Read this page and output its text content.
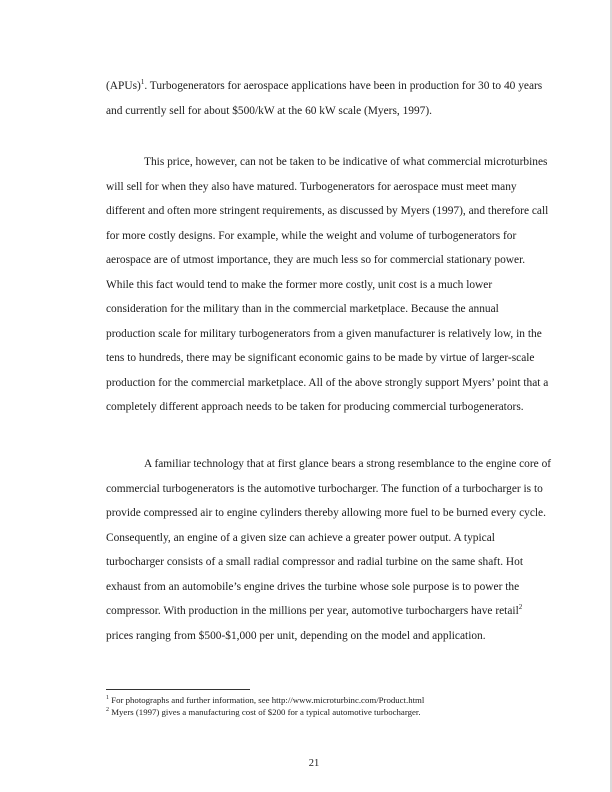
(APUs)$^1$. Turbogenerators for aerospace applications have been in production for 30 to 40 years
and currently sell for about $500/kW at the 60 kW scale (Myers, 1997).

This price, however, can not be taken to be indicative of what commercial microturbines
will sell for when they also have matured. Turbogenerators for aerospace must meet many
different and often more stringent requirements, as discussed by Myers (1997), and therefore call
for more costly designs. For example, while the weight and volume of turbogenerators for
aerospace are of utmost importance, they are much less so for commercial stationary power.
While this fact would tend to make the former more costly, unit cost is a much lower
consideration for the military than in the commercial marketplace. Because the annual
production scale for military turbogenerators from a given manufacturer is relatively low, in the
tens to hundreds, there may be significant economic gains to be made by virtue of larger-scale
production for the commercial marketplace. All of the above strongly support Myers’ point that a
completely different approach needs to be taken for producing commercial turbogenerators.

A familiar technology that at first glance bears a strong resemblance to the engine core of
commercial turbogenerators is the automotive turbocharger. The function of a turbocharger is to
provide compressed air to engine cylinders thereby allowing more fuel to be burned every cycle.
Consequently, an engine of a given size can achieve a greater power output. A typical
turbocharger consists of a small radial compressor and radial turbine on the same shaft. Hot
exhaust from an automobile’s engine drives the turbine whose sole purpose is to power the
compressor. With production in the millions per year, automotive turbochargers have retail$^2$
prices ranging from $500-$1,000 per unit, depending on the model and application.

$^1$ For photographs and further information, see http://www.microturbinc.com/Product.html
$^2$ Myers (1997) gives a manufacturing cost of $200 for a typical automotive turbocharger.
21
